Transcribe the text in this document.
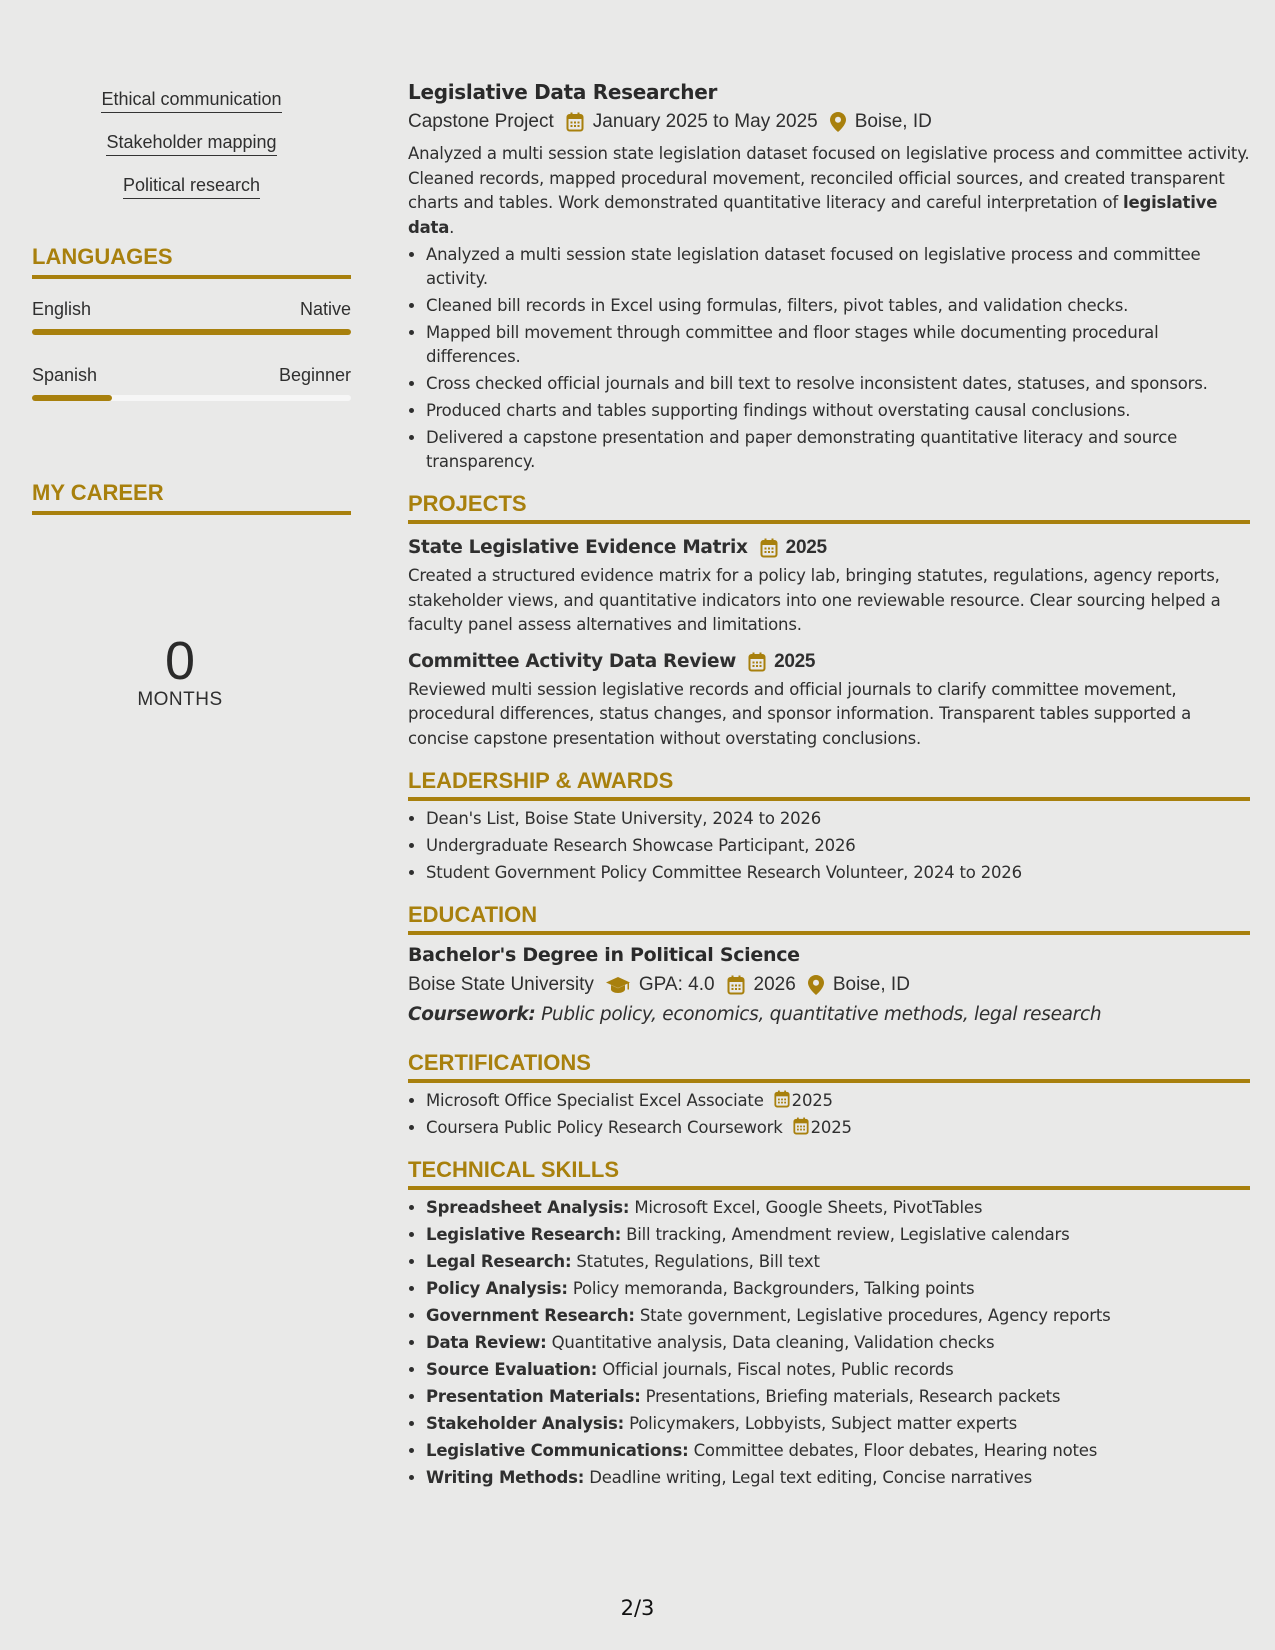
Ethical communication
Stakeholder mapping
Political research
LANGUAGES
English	Native
Spanish	Beginner
MY CAREER
0
MONTHS
Legislative Data Researcher
Capstone Project January 2025 to May 2025 Boise, ID

Analyzed a multi session state legislation dataset focused on legislative process and committee activity. Cleaned records, mapped procedural movement, reconciled official sources, and created transparent charts and tables. Work demonstrated quantitative literacy and careful interpretation of legislative data.

• Analyzed a multi session state legislation dataset focused on legislative process and committee activity.
• Cleaned bill records in Excel using formulas, filters, pivot tables, and validation checks.
• Mapped bill movement through committee and floor stages while documenting procedural differences.
• Cross checked official journals and bill text to resolve inconsistent dates, statuses, and sponsors.
• Produced charts and tables supporting findings without overstating causal conclusions.
• Delivered a capstone presentation and paper demonstrating quantitative literacy and source transparency.
PROJECTS
State Legislative Evidence Matrix 2025

Created a structured evidence matrix for a policy lab, bringing statutes, regulations, agency reports, stakeholder views, and quantitative indicators into one reviewable resource. Clear sourcing helped a faculty panel assess alternatives and limitations.

Committee Activity Data Review 2025

Reviewed multi session legislative records and official journals to clarify committee movement, procedural differences, status changes, and sponsor information. Transparent tables supported a concise capstone presentation without overstating conclusions.

LEADERSHIP & AWARDS
• Dean's List, Boise State University, 2024 to 2026
• Undergraduate Research Showcase Participant, 2026
• Student Government Policy Committee Research Volunteer, 2024 to 2026
EDUCATION
Bachelor's Degree in Political Science
Boise State University GPA: 4.0 2026 Boise, ID
Coursework: Public policy, economics, quantitative methods, legal research
CERTIFICATIONS
• Microsoft Office Specialist Excel Associate 2025
• Coursera Public Policy Research Coursework 2025
TECHNICAL SKILLS
• Spreadsheet Analysis: Microsoft Excel, Google Sheets, PivotTables
• Legislative Research: Bill tracking, Amendment review, Legislative calendars
• Legal Research: Statutes, Regulations, Bill text
• Policy Analysis: Policy memoranda, Backgrounders, Talking points
• Government Research: State government, Legislative procedures, Agency reports
• Data Review: Quantitative analysis, Data cleaning, Validation checks
• Source Evaluation: Official journals, Fiscal notes, Public records
• Presentation Materials: Presentations, Briefing materials, Research packets
• Stakeholder Analysis: Policymakers, Lobbyists, Subject matter experts
• Legislative Communications: Committee debates, Floor debates, Hearing notes
• Writing Methods: Deadline writing, Legal text editing, Concise narratives
2/3
